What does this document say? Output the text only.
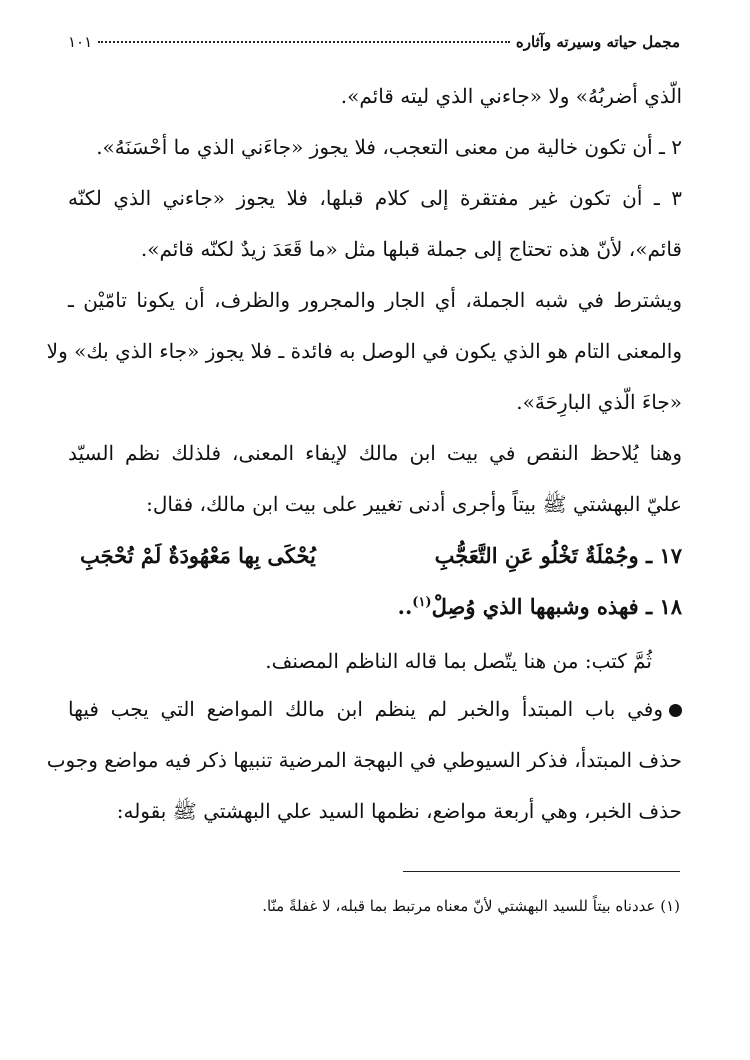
مجمل حياته وسيرته وآثاره
١٠١
الّذي أضربُهُ» ولا «جاءني الذي ليته قائم».
٢ ـ أن تكون خالية من معنى التعجب، فلا يجوز «جاءَني الذي ما أحْسَنَهُ».
٣ ـ أن تكون غير مفتقرة إلى كلام قبلها، فلا يجوز «جاءني الذي لكنّه
قائم»، لأنّ هذه تحتاج إلى جملة قبلها مثل «ما قَعَدَ زيدٌ لكنّه قائم».
ويشترط في شبه الجملة، أي الجار والمجرور والظرف، أن يكونا تامّيْن ـ
والمعنى التام هو الذي يكون في الوصل به فائدة ـ فلا يجوز «جاء الذي بك» ولا
«جاءَ الّذي البارِحَةَ».
وهنا يُلاحظ النقص في بيت ابن مالك لإيفاء المعنى، فلذلك نظم السيّد
عليّ البهشتي ﷺ بيتاً وأجرى أدنى تغيير على بيت ابن مالك، فقال:
١٧ ـ وجُمْلَةٌ تَخْلُو عَنِ التَّعَجُّبِ
يُحْكَى بِها مَعْهُودَةٌ لَمْ تُحْجَبِ
١٨ ـ فهذه وشبهها الذي وُصِلْ$^{(١)}$..
ثُمَّ كتب: من هنا يتّصل بما قاله الناظم المصنف.
وفي باب المبتدأ والخبر لم ينظم ابن مالك المواضع التي يجب فيها
حذف المبتدأ، فذكر السيوطي في البهجة المرضية تنبيها ذكر فيه مواضع وجوب
حذف الخبر، وهي أربعة مواضع، نظمها السيد علي البهشتي ﷺ بقوله:
(١) عددناه بيتاً للسيد البهشتي لأنّ معناه مرتبط بما قبله، لا غفلةً منّا.
